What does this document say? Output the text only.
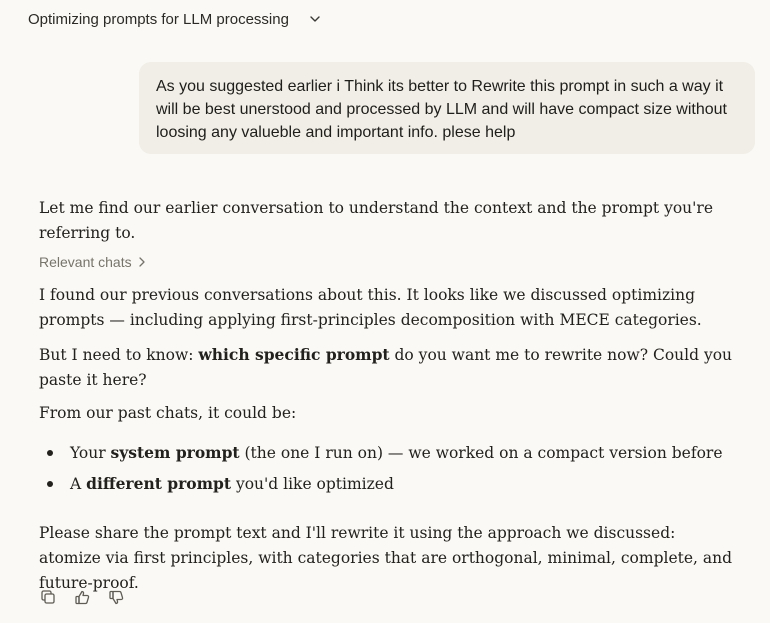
Optimizing prompts for LLM processing
As you suggested earlier i Think its better to Rewrite this prompt in such a way it will be best unerstood and processed by LLM and will have compact size without loosing any valueble and important info. plese help

Let me find our earlier conversation to understand the context and the prompt you're referring to.

Relevant chats
I found our previous conversations about this. It looks like we discussed optimizing prompts — including applying first-principles decomposition with MECE categories.
But I need to know: which specific prompt do you want me to rewrite now? Could you paste it here?
From our past chats, it could be:
Your system prompt (the one I run on) — we worked on a compact version before
A different prompt you'd like optimized
Please share the prompt text and I'll rewrite it using the approach we discussed: atomize via first principles, with categories that are orthogonal, minimal, complete, and future-proof.
